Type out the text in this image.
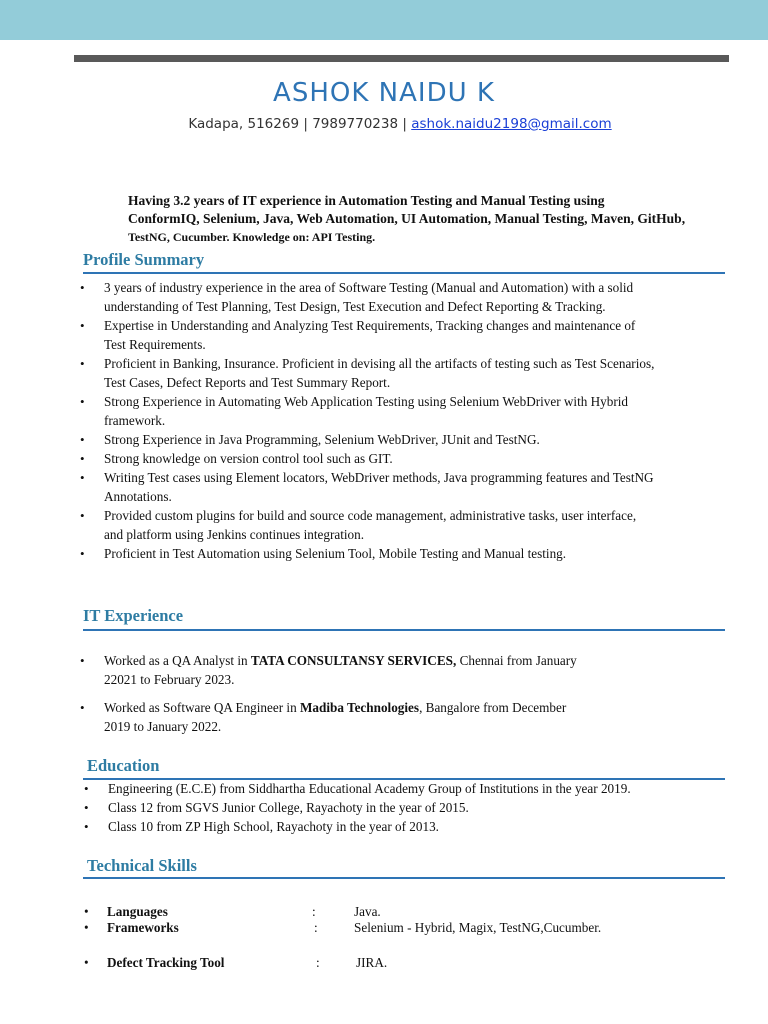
ASHOK NAIDU K
Kadapa, 516269 | 7989770238 | ashok.naidu2198@gmail.com
Having 3.2 years of IT experience in Automation Testing and Manual Testing using
ConformIQ, Selenium, Java, Web Automation, UI Automation, Manual Testing, Maven, GitHub,
TestNG, Cucumber. Knowledge on: API Testing.
Profile Summary
• 3 years of industry experience in the area of Software Testing (Manual and Automation) with a solid understanding of Test Planning, Test Design, Test Execution and Defect Reporting & Tracking.
• Expertise in Understanding and Analyzing Test Requirements, Tracking changes and maintenance of Test Requirements.
• Proficient in Banking, Insurance. Proficient in devising all the artifacts of testing such as Test Scenarios, Test Cases, Defect Reports and Test Summary Report.
• Strong Experience in Automating Web Application Testing using Selenium WebDriver with Hybrid framework.
• Strong Experience in Java Programming, Selenium WebDriver, JUnit and TestNG.
• Strong knowledge on version control tool such as GIT.
• Writing Test cases using Element locators, WebDriver methods, Java programming features and TestNG Annotations.
• Provided custom plugins for build and source code management, administrative tasks, user interface, and platform using Jenkins continues integration.
• Proficient in Test Automation using Selenium Tool, Mobile Testing and Manual testing.
IT Experience
• Worked as a QA Analyst in TATA CONSULTANSY SERVICES, Chennai from January 22021 to February 2023.
• Worked as Software QA Engineer in Madiba Technologies, Bangalore from December 2019 to January 2022.
Education
• Engineering (E.C.E) from Siddhartha Educational Academy Group of Institutions in the year 2019.
• Class 12 from SGVS Junior College, Rayachoty in the year of 2015.
• Class 10 from ZP High School, Rayachoty in the year of 2013.
Technical Skills
• Languages	:	Java.
• Frameworks	:	Selenium - Hybrid, Magix, TestNG,Cucumber.
• Defect Tracking Tool	:	JIRA.
